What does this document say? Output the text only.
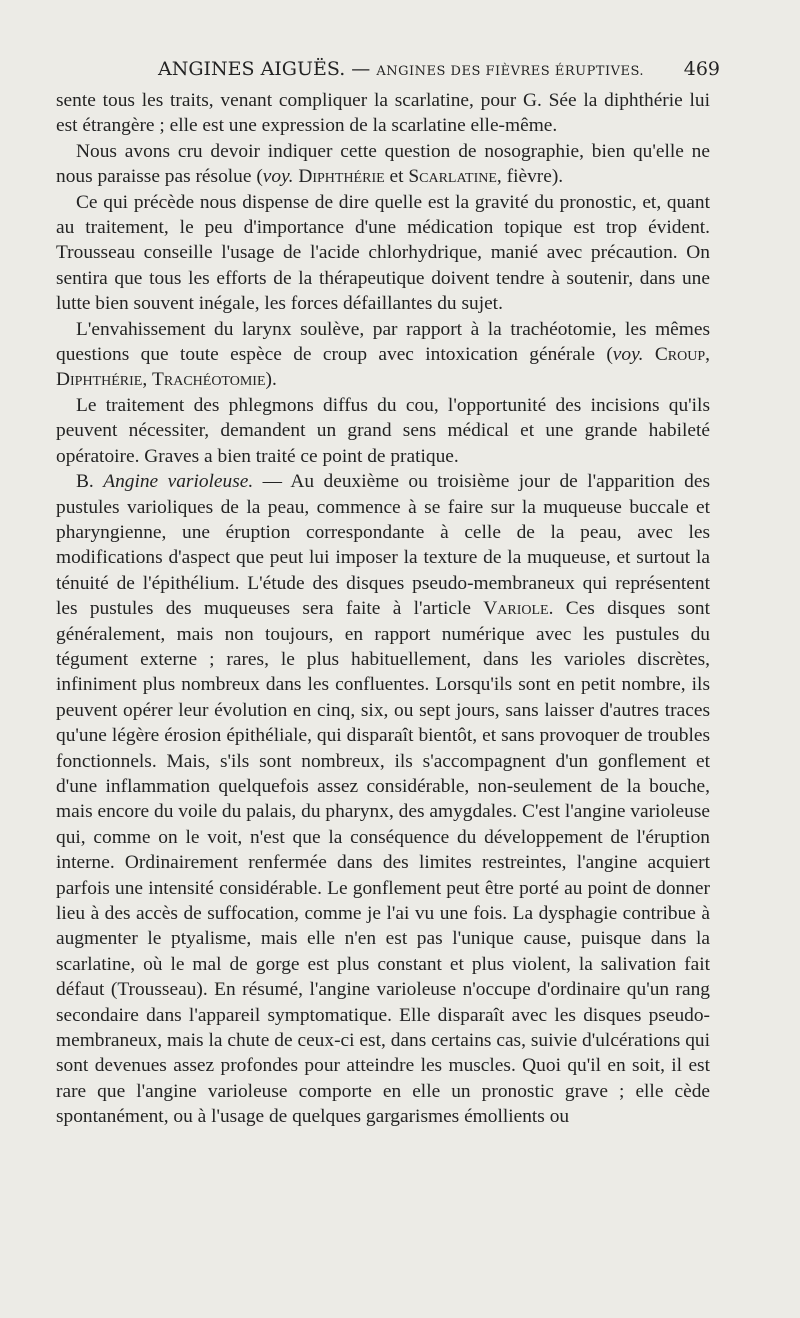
ANGINES AIGUËS. — ANGINES DES FIÈVRES ÉRUPTIVES. 469

sente tous les traits, venant compliquer la scarlatine, pour G. Sée la diphthérie lui est étrangère ; elle est une expression de la scarlatine elle-même.

Nous avons cru devoir indiquer cette question de nosographie, bien qu'elle ne nous paraisse pas résolue (voy. Diphthérie et Scarlatine, fièvre).

Ce qui précède nous dispense de dire quelle est la gravité du pronostic, et, quant au traitement, le peu d'importance d'une médication topique est trop évident. Trousseau conseille l'usage de l'acide chlorhydrique, manié avec précaution. On sentira que tous les efforts de la thérapeutique doivent tendre à soutenir, dans une lutte bien souvent inégale, les forces défaillantes du sujet.

L'envahissement du larynx soulève, par rapport à la trachéotomie, les mêmes questions que toute espèce de croup avec intoxication générale (voy. Croup, Diphthérie, Trachéotomie).

Le traitement des phlegmons diffus du cou, l'opportunité des incisions qu'ils peuvent nécessiter, demandent un grand sens médical et une grande habileté opératoire. Graves a bien traité ce point de pratique.

B. Angine varioleuse. — Au deuxième ou troisième jour de l'apparition des pustules varioliques de la peau, commence à se faire sur la muqueuse buccale et pharyngienne, une éruption correspondante à celle de la peau, avec les modifications d'aspect que peut lui imposer la texture de la muqueuse, et surtout la ténuité de l'épithélium. L'étude des disques pseudo-membraneux qui représentent les pustules des muqueuses sera faite à l'article Variole. Ces disques sont généralement, mais non toujours, en rapport numérique avec les pustules du tégument externe ; rares, le plus habituellement, dans les varioles discrètes, infiniment plus nombreux dans les confluentes. Lorsqu'ils sont en petit nombre, ils peuvent opérer leur évolution en cinq, six, ou sept jours, sans laisser d'autres traces qu'une légère érosion épithéliale, qui disparaît bientôt, et sans provoquer de troubles fonctionnels. Mais, s'ils sont nombreux, ils s'accompagnent d'un gonflement et d'une inflammation quelquefois assez considérable, non-seulement de la bouche, mais encore du voile du palais, du pharynx, des amygdales. C'est l'angine varioleuse qui, comme on le voit, n'est que la conséquence du développement de l'éruption interne. Ordinairement renfermée dans des limites restreintes, l'angine acquiert parfois une intensité considérable. Le gonflement peut être porté au point de donner lieu à des accès de suffocation, comme je l'ai vu une fois. La dysphagie contribue à augmenter le ptyalisme, mais elle n'en est pas l'unique cause, puisque dans la scarlatine, où le mal de gorge est plus constant et plus violent, la salivation fait défaut (Trousseau). En résumé, l'angine varioleuse n'occupe d'ordinaire qu'un rang secondaire dans l'appareil symptomatique. Elle disparaît avec les disques pseudo-membraneux, mais la chute de ceux-ci est, dans certains cas, suivie d'ulcérations qui sont devenues assez profondes pour atteindre les muscles. Quoi qu'il en soit, il est rare que l'angine varioleuse comporte en elle un pronostic grave ; elle cède spontanément, ou à l'usage de quelques gargarismes émollients ou
